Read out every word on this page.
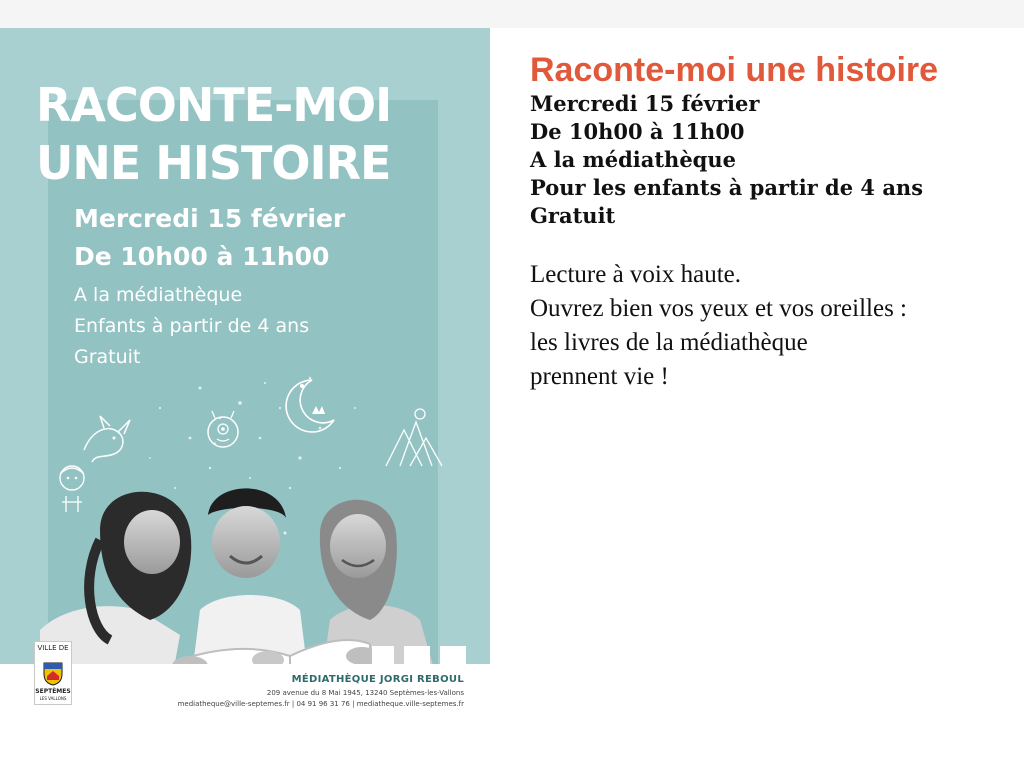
RACONTE-MOI
UNE HISTOIRE

Mercredi 15 février
De 10h00 à 11h00

A la médiathèque
Enfants à partir de 4 ans
Gratuit

VILLE DE
SEPTÈMES
LES VALLONS

MÉDIATHÈQUE JORGI REBOUL

209 avenue du 8 Mai 1945, 13240 Septèmes-les-Vallons

mediatheque@ville-septemes.fr | 04 91 96 31 76 | mediatheque.ville-septemes.fr

Raconte-moi une histoire

Mercredi 15 février
De 10h00 à 11h00
A la médiathèque
Pour les enfants à partir de 4 ans
Gratuit

Lecture à voix haute.
Ouvrez bien vos yeux et vos oreilles :
les livres de la médiathèque
prennent vie !
